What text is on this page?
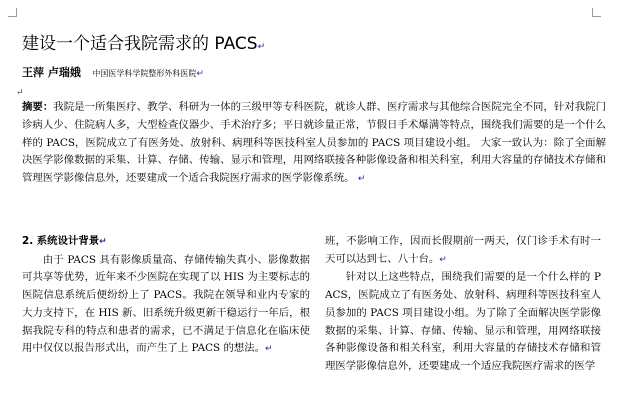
建设一个适合我院需求的 PACS↵
王萍 卢瑞娥 中国医学科学院整形外科医院↵
↵
摘要：我院是一所集医疗、教学、科研为一体的三级甲等专科医院，就诊人群、医疗需求与其他综合医院完全不同，针对我院门诊病人少、住院病人多，大型检查仪器少、手术治疗多；平日就诊量正常，节假日手术爆满等特点，围绕我们需要的是一个什么样的 PACS，医院成立了有医务处、放射科、病理科等医技科室人员参加的 PACS 项目建设小组。 大家一致认为：除了全面解决医学影像数据的采集、计算、存储、传输、显示和管理，用网络联接各种影像设备和相关科室，利用大容量的存储技术存储和管理医学影像信息外，还要建成一个适合我院医疗需求的医学影像系统。 ↵

2. 系统设计背景↵

由于 PACS 具有影像质量高、存储传输失真小、影像数据可共享等优势，近年来不少医院在实现了以 HIS 为主要标志的医院信息系统后便纷纷上了 PACS。我院在领导和业内专家的大力支持下，在 HIS 新、旧系统升级更新干稳运行一年后，根据我院专科的特点和患者的需求，已不满足于信息化在临床使用中仅仅以报告形式出，而产生了上 PACS 的想法。↵

班，不影响工作，因而长假期前一两天，仅门诊手术有时一天可以达到七、八十台。↵

针对以上这些特点，围绕我们需要的是一个什么样的 PACS，医院成立了有医务处、放射科、病理科等医技科室人员参加的 PACS 项目建设小组。为了除了全面解决医学影像数据的采集、计算、存储、传输、显示和管理，用网络联接各种影像设备和相关科室，利用大容量的存储技术存储和管理医学影像信息外，还要建成一个适应我院医疗需求的医学
